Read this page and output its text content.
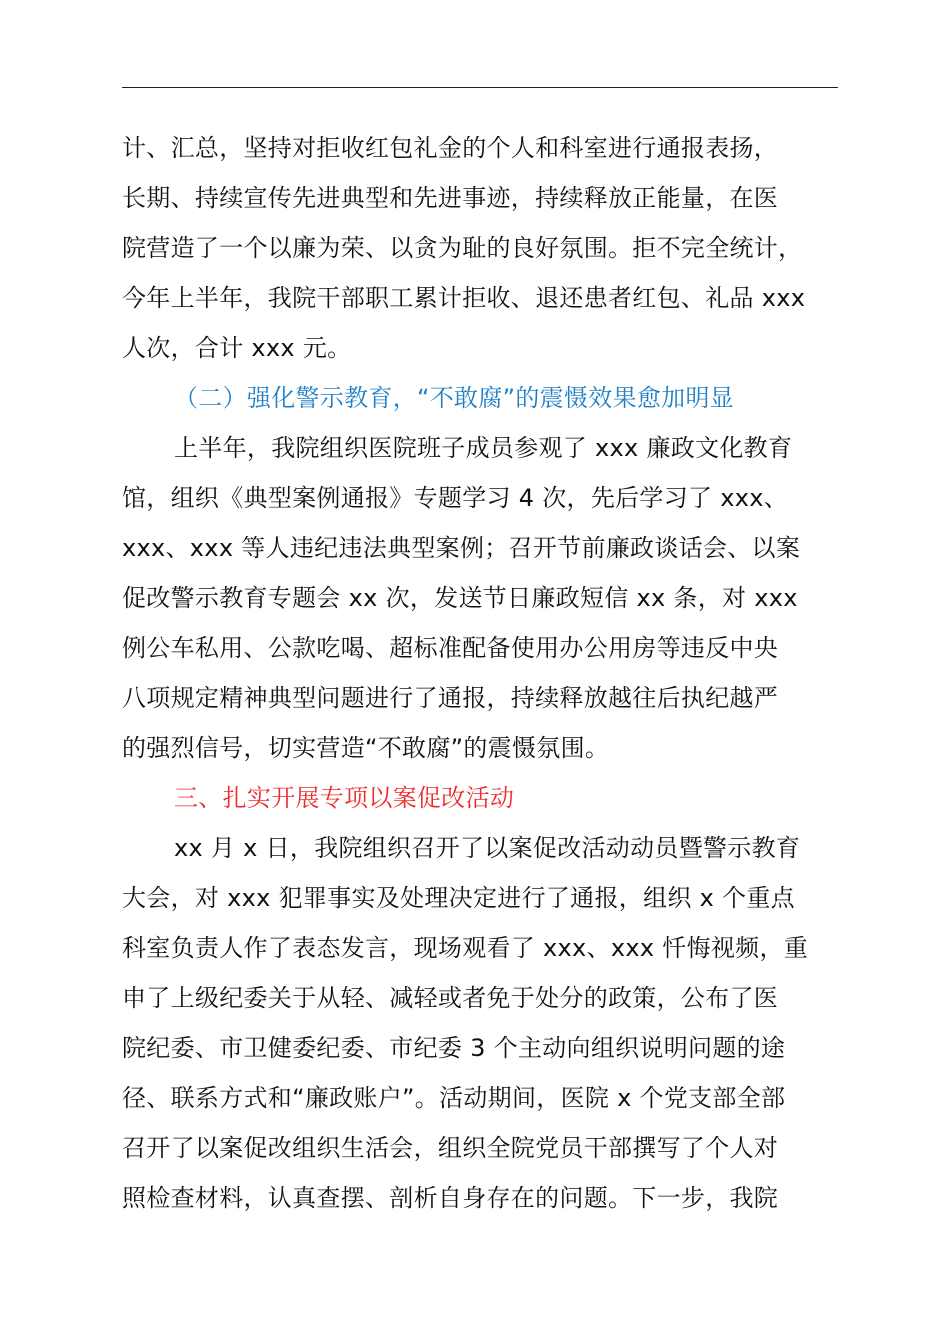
计、汇总，坚持对拒收红包礼金的个人和科室进行通报表扬，
长期、持续宣传先进典型和先进事迹，持续释放正能量，在医
院营造了一个以廉为荣、以贪为耻的良好氛围。拒不完全统计，
今年上半年，我院干部职工累计拒收、退还患者红包、礼品 xxx
人次，合计 xxx 元。
（二）强化警示教育，“不敢腐”的震慑效果愈加明显
上半年，我院组织医院班子成员参观了 xxx 廉政文化教育
馆，组织《典型案例通报》专题学习 4 次，先后学习了 xxx、
xxx、xxx 等人违纪违法典型案例；召开节前廉政谈话会、以案
促改警示教育专题会 xx 次，发送节日廉政短信 xx 条，对 xxx
例公车私用、公款吃喝、超标准配备使用办公用房等违反中央
八项规定精神典型问题进行了通报，持续释放越往后执纪越严
的强烈信号，切实营造“不敢腐”的震慑氛围。
三、扎实开展专项以案促改活动
xx 月 x 日，我院组织召开了以案促改活动动员暨警示教育
大会，对 xxx 犯罪事实及处理决定进行了通报，组织 x 个重点
科室负责人作了表态发言，现场观看了 xxx、xxx 忏悔视频，重
申了上级纪委关于从轻、减轻或者免于处分的政策，公布了医
院纪委、市卫健委纪委、市纪委 3 个主动向组织说明问题的途
径、联系方式和“廉政账户”。活动期间，医院 x 个党支部全部
召开了以案促改组织生活会，组织全院党员干部撰写了个人对
照检查材料，认真查摆、剖析自身存在的问题。下一步，我院
